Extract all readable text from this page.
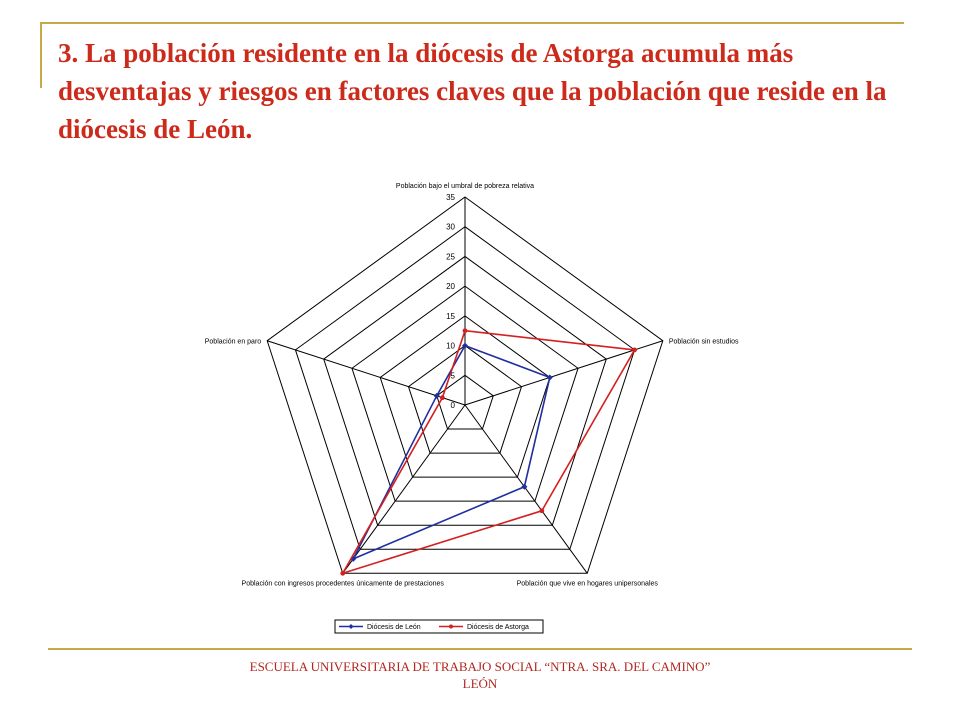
3. La población residente en la diócesis de Astorga acumula más desventajas y riesgos en factores claves que la población que reside en la diócesis de León.
0
5
10
15
20
25
30
35
Población bajo el umbral de pobreza relativa
Población sin estudios
Población que vive en hogares unipersonales
Población con ingresos procedentes únicamente de prestaciones
Población en paro
Diócesis de León	Diócesis de Astorga
ESCUELA UNIVERSITARIA DE TRABAJO SOCIAL “NTRA. SRA. DEL CAMINO”
LEÓN
